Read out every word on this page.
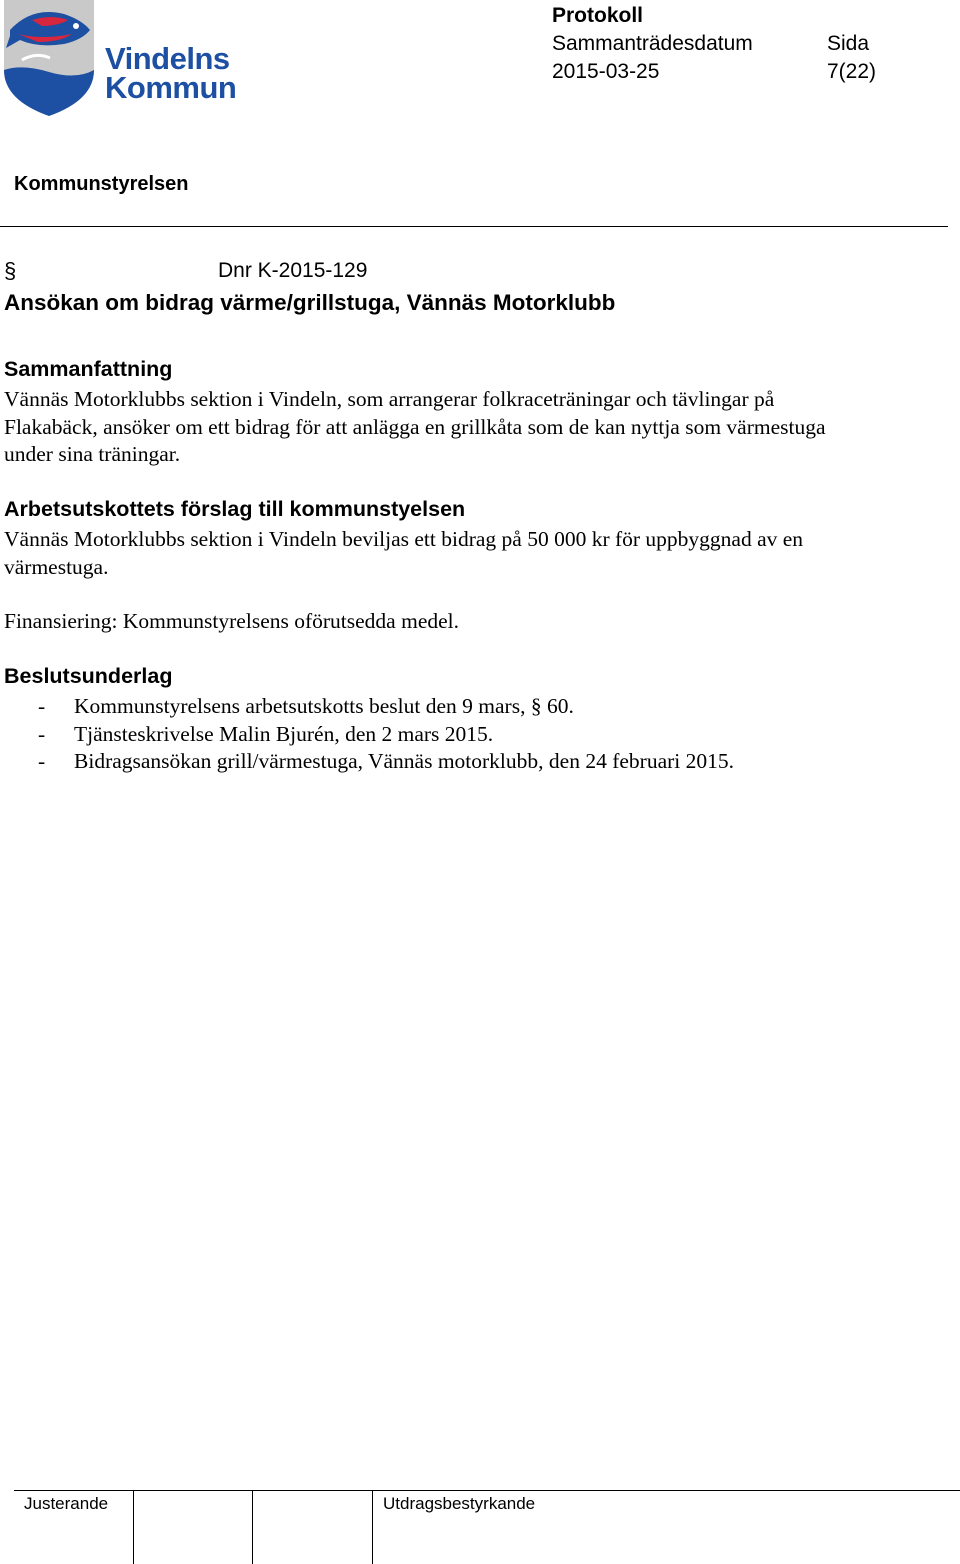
Vindelns
Kommun
Protokoll
Sammanträdesdatum
2015-03-25
Sida
7(22)
Kommunstyrelsen
§	Dnr K-2015-129
Ansökan om bidrag värme/grillstuga, Vännäs Motorklubb
Sammanfattning

Vännäs Motorklubbs sektion i Vindeln, som arrangerar folkraceträningar och tävlingar på Flakabäck, ansöker om ett bidrag för att anlägga en grillkåta som de kan nyttja som värmestuga under sina träningar.

Arbetsutskottets förslag till kommunstyelsen

Vännäs Motorklubbs sektion i Vindeln beviljas ett bidrag på 50 000 kr för uppbyggnad av en värmestuga.

Finansiering: Kommunstyrelsens oförutsedda medel.

Beslutsunderlag
- Kommunstyrelsens arbetsutskotts beslut den 9 mars, § 60.
- Tjänsteskrivelse Malin Bjurén, den 2 mars 2015.
- Bidragsansökan grill/värmestuga, Vännäs motorklubb, den 24 februari 2015.
Justerande	Utdragsbestyrkande
